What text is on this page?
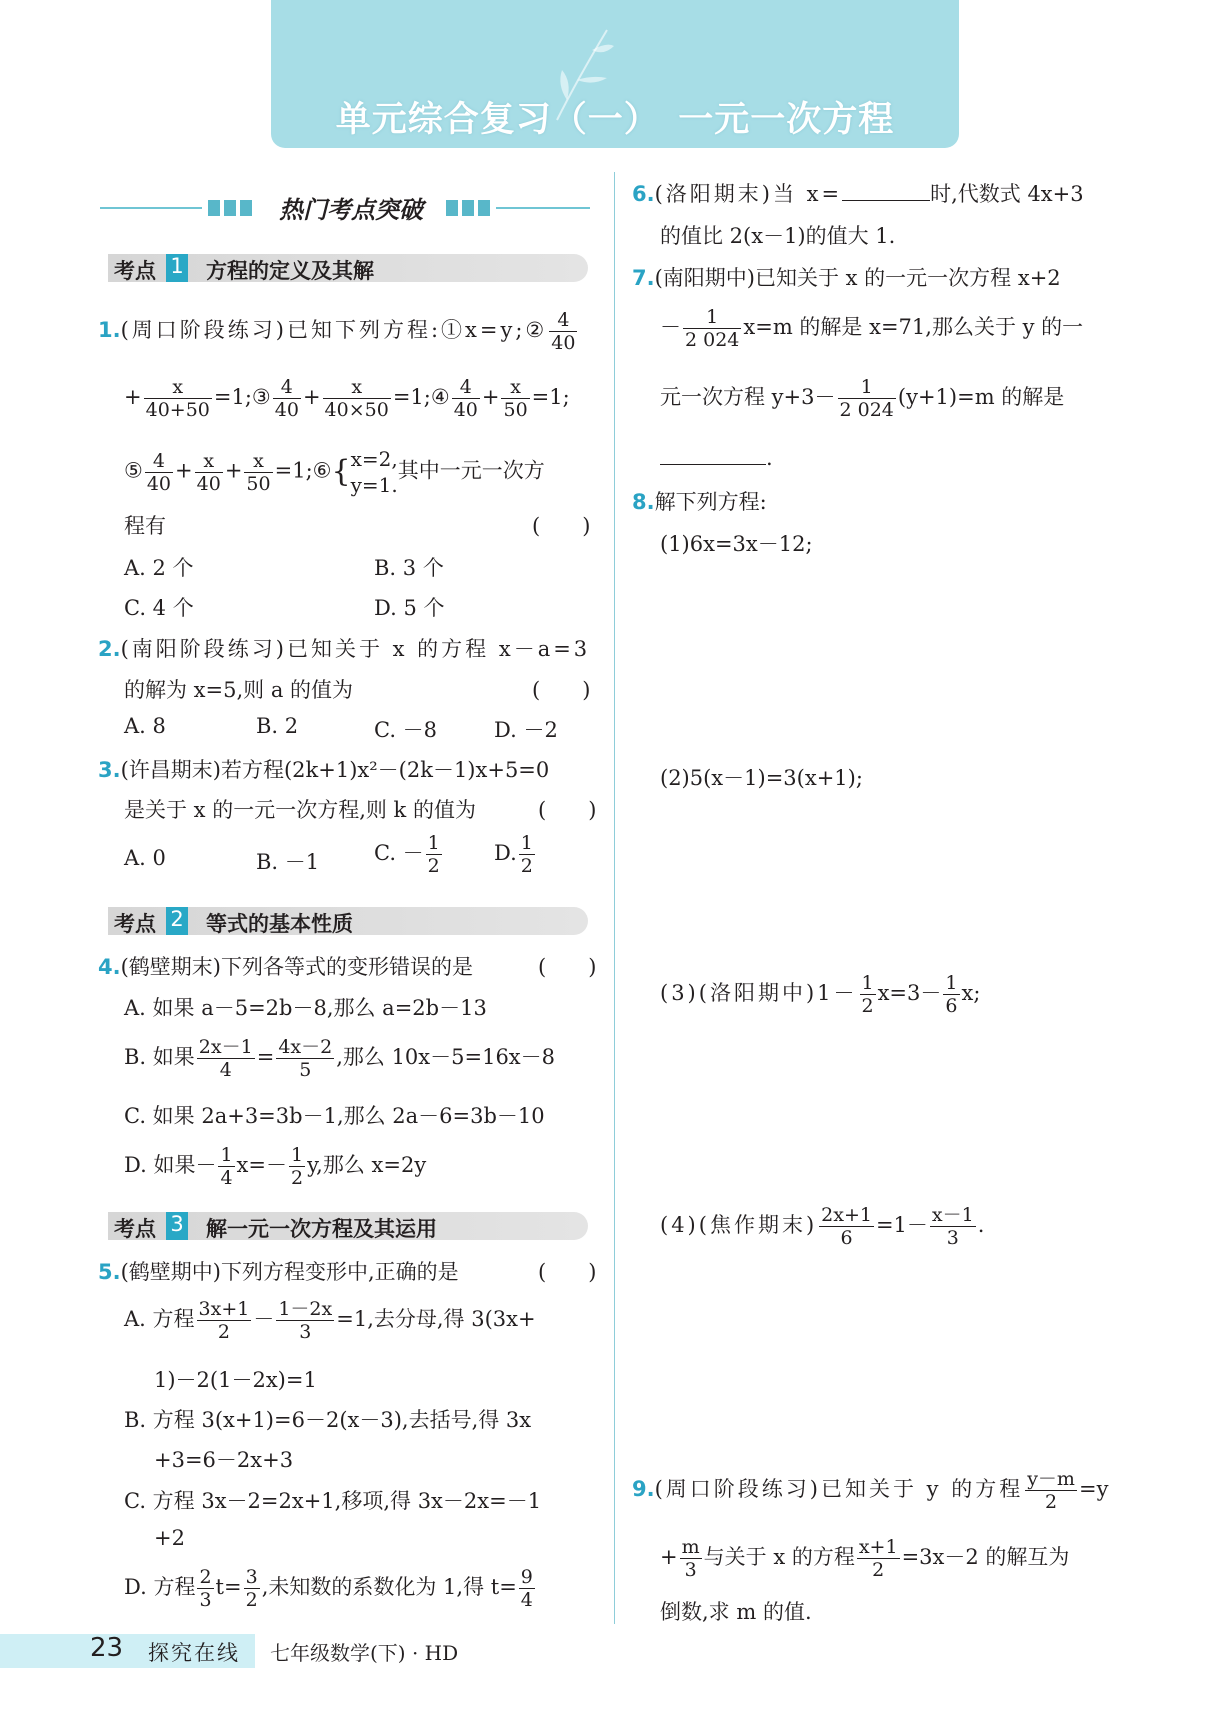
单元综合复习（一）　一元一次方程
热门考点突破
考点 1 方程的定义及其解
1.(周口阶段练习)已知下列方程:①x=y;② $\frac{4}{40}$
+ $\frac{x}{40+50}$ =1;③ $\frac{4}{40} + \frac{x}{40\times 50}$ =1;④ $\frac{4}{40} + \frac{x}{50} =1$;
⑤ $\frac{4}{40} + \frac{x}{40} + \frac{x}{50}$ =1;⑥{ x=2,
y=1.
其中一元一次方
程有	(　　)
A. 2 个	B. 3 个
C. 4 个	D. 5 个
2.(南阳阶段练习)已知关于 x 的方程 x－a=3
的解为 x=5,则 a 的值为	(　　)
A. 8	B. 2	C. －8	D. －2
3.(许昌期末)若方程(2k+1)x²－(2k－1)x+5=0
是关于 x 的一元一次方程,则 k 的值为	(　　)
A. 0	B. －1	C. － $\frac{1}{2} D$. $\frac{1}{2}$
考点 2 等式的基本性质
4.(鹤壁期末)下列各等式的变形错误的是	(　　)
A. 如果 a－5=2b－8,那么 a=2b－13
B. 如果 $\frac{2x-1}{4} = \frac{4x-2}{5}$ ,那么 10x－5=16x－8
C. 如果 2a+3=3b－1,那么 2a－6=3b－10
D. 如果－ $\frac{1}{4} x=- \frac{1}{2} y$,那么 x=2y
考点 3 解一元一次方程及其运用
5.(鹤壁期中)下列方程变形中,正确的是	(　　)
A. 方程 $\frac{3x+1}{2} - \frac{1-2x}{3} =1$,去分母,得 3(3x+
1)－2(1－2x)=1
B. 方程 3(x+1)=6－2(x－3),去括号,得 3x
+3=6－2x+3
C. 方程 3x－2=2x+1,移项,得 3x－2x=－1
+2
D. 方程 $\frac{2}{3} t= \frac{3}{2}$ ,未知数的系数化为 1,得 $t= \frac{9}{4}$
6.(洛阳期末)当 x=	时,代数式 4x+3
的值比 2(x－1)的值大 1.
7.(南阳期中)已知关于 x 的一元一次方程 x+2
－ $\frac{1}{2 024} x=m$ 的解是 x=71,那么关于 y 的一
元一次方程 $y+3- \frac{1}{2 024} (y+1)=m$ 的解是
.
8.解下列方程:
(1)6x=3x－12;
(2)5(x－1)=3(x+1);
(3)(洛阳期中)$1- \frac{1}{2} x=3- \frac{1}{6} x$;
(4)(焦作期末) $\frac{2x+1}{6} =1- \frac{x-1}{3}$ .
9.(周口阶段练习)已知关于 y 的方程 $\frac{y-m}{2} =y$
+ $\frac{m}{3}$ 与关于 x 的方程 $\frac{x+1}{2} =3x-2$ 的解互为
倒数,求 m 的值.
23 探究在线 七年级数学(下) · HD
